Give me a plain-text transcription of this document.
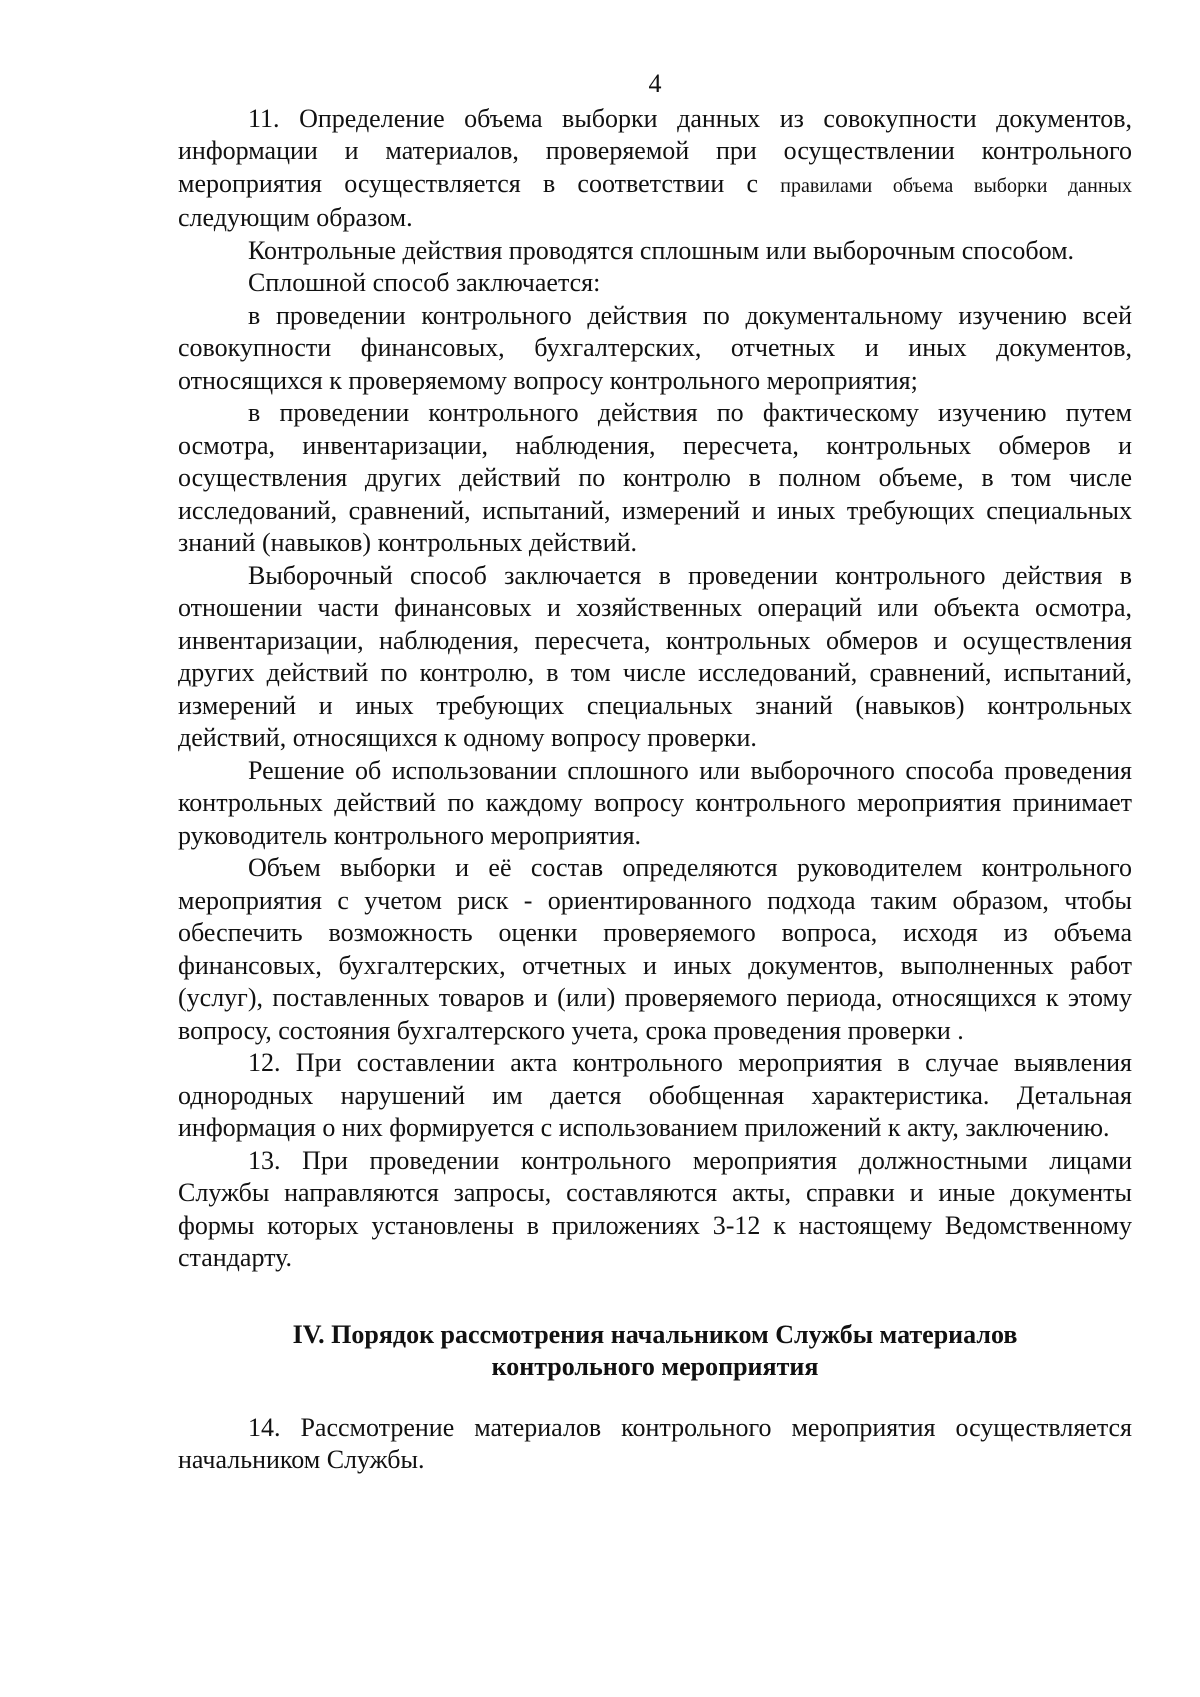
4

11. Определение объема выборки данных из совокупности документов, информации и материалов, проверяемой при осуществлении контрольного мероприятия осуществляется в соответствии с правилами объема выборки данных следующим образом.

Контрольные действия проводятся сплошным или выборочным способом.

Сплошной способ заключается:

в проведении контрольного действия по документальному изучению всей совокупности финансовых, бухгалтерских, отчетных и иных документов, относящихся к проверяемому вопросу контрольного мероприятия;

в проведении контрольного действия по фактическому изучению путем осмотра, инвентаризации, наблюдения, пересчета, контрольных обмеров и осуществления других действий по контролю в полном объеме, в том числе исследований, сравнений, испытаний, измерений и иных требующих специальных знаний (навыков) контрольных действий.

Выборочный способ заключается в проведении контрольного действия в отношении части финансовых и хозяйственных операций или объекта осмотра, инвентаризации, наблюдения, пересчета, контрольных обмеров и осуществления других действий по контролю, в том числе исследований, сравнений, испытаний, измерений и иных требующих специальных знаний (навыков) контрольных действий, относящихся к одному вопросу проверки.

Решение об использовании сплошного или выборочного способа проведения контрольных действий по каждому вопросу контрольного мероприятия принимает руководитель контрольного мероприятия.

Объем выборки и её состав определяются руководителем контрольного мероприятия с учетом риск - ориентированного подхода таким образом, чтобы обеспечить возможность оценки проверяемого вопроса, исходя из объема финансовых, бухгалтерских, отчетных и иных документов, выполненных работ (услуг), поставленных товаров и (или) проверяемого периода, относящихся к этому вопросу, состояния бухгалтерского учета, срока проведения проверки .

12. При составлении акта контрольного мероприятия в случае выявления однородных нарушений им дается обобщенная характеристика. Детальная информация о них формируется с использованием приложений к акту, заключению.

13. При проведении контрольного мероприятия должностными лицами Службы направляются запросы, составляются акты, справки и иные документы формы которых установлены в приложениях 3-12 к настоящему Ведомственному стандарту.

IV. Порядок рассмотрения начальником Службы материалов
контрольного мероприятия

14. Рассмотрение материалов контрольного мероприятия осуществляется начальником Службы.
